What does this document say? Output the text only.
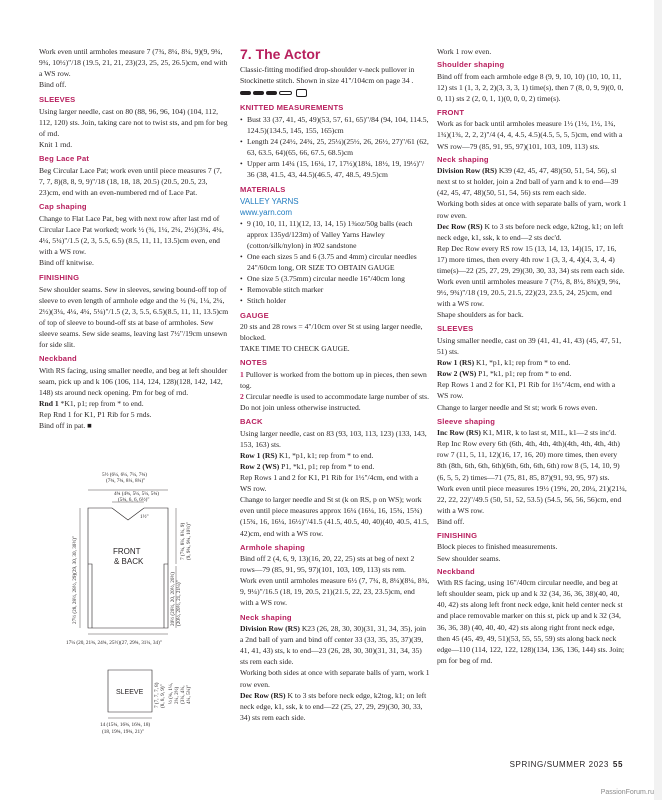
Work even until armholes measure 7 (7¾, 8¼, 8¼, 9)(9, 9¾, 9¾, 10½)"/18 (19.5, 21, 21, 23)(23, 25, 25, 26.5)cm, end with a WS row.

Bind off.

SLEEVES

Using larger needle, cast on 80 (88, 96, 96, 104) (104, 112, 112, 120) sts. Join, taking care not to twist sts, and pm for beg of rnd.

Knit 1 rnd.

Beg Lace Pat

Beg Circular Lace Pat; work even until piece measures 7 (7, 7, 7, 8)(8, 8, 9, 9)"/18 (18, 18, 18, 20.5) (20.5, 20.5, 23, 23)cm, end with an even-numbered rnd of Lace Pat.

Cap shaping

Change to Flat Lace Pat, beg with next row after last rnd of Circular Lace Pat worked; work ½ (¾, 1¼, 2¼, 2½)(3¼, 4¼, 4¼, 5¼)"/1.5 (2, 3, 5.5, 6.5) (8.5, 11, 11, 13.5)cm even, end with a WS row.

Bind off knitwise.

FINISHING

Sew shoulder seams. Sew in sleeves, sewing bound-off top of sleeve to even length of armhole edge and the ½ (¾, 1¼, 2¼, 2½)(3¼, 4¼, 4¼, 5¼)"/1.5 (2, 3, 5.5, 6.5)(8.5, 11, 11, 13.5)cm of top of sleeve to bound-off sts at base of armholes. Sew sleeve seams. Sew side seams, leaving last 7½"/19cm unsewn for side slit.

Neckband

With RS facing, using smaller needle, and beg at left shoulder seam, pick up and k 106 (106, 114, 124, 128)(128, 142, 142, 148) sts around neck opening. Pm for beg of rnd.

Rnd 1 *K1, p1; rep from * to end.

Rep Rnd 1 for K1, P1 Rib for 5 rnds.

Bind off in pat. ■

5½ (6¼, 6¼, 7¼, 7¾)
(7¾, 7¾, 8¼, 8¼)"
4¾ (4¾, 5¼, 5¼, 5¾)
(5¾, 6, 6, 6½)"
1½"
FRONT
& BACK
27½ (28, 28½, 28½, 29)(29, 30, 30, 30½)"	7 (7¾, 8¼, 8¼, 9) (9, 9¾, 9¾, 10½)"
20½ (20½, 20, 20½, 20½) (20½, 20½, 21, 21¼)"
17¼ (20, 21¾, 24¾, 25½)(27, 29¾, 31¼, 34)"
SLEEVE 7 (7, 7, 7, 8) (8, 8, 9, 9)" ½ (¾, 1¼, 2¼, 2½) (3¼, 4¼, 4¼, 5¼)"
14 (15¾, 16¾, 16¾, 18)
(18, 19¾, 19¾, 21)"
7. The Actor

Classic-fitting modified drop-shoulder v-neck pullover in Stockinette stitch. Shown in size 41"/104cm on page 34 .

KNITTED MEASUREMENTS
• Bust 33 (37, 41, 45, 49)(53, 57, 61, 65)"/84 (94, 104, 114.5, 124.5)(134.5, 145, 155, 165)cm
• Length 24 (24½, 24¾, 25, 25¼)(25½, 26, 26½, 27)"/61 (62, 63, 63.5, 64)(65, 66, 67.5, 68.5)cm
• Upper arm 14¼ (15, 16¼, 17, 17½)(18¼, 18½, 19, 19½)"/ 36 (38, 41.5, 43, 44.5)(46.5, 47, 48.5, 49.5)cm
MATERIALS
VALLEY YARNS
www.yarn.com
• 9 (10, 10, 11, 11)(12, 13, 14, 15) 1¾oz/50g balls (each approx 135yd/123m) of Valley Yarns Hawley (cotton/silk/nylon) in #02 sandstone
• One each sizes 5 and 6 (3.75 and 4mm) circular needles 24"/60cm long, OR SIZE TO OBTAIN GAUGE
• One size 5 (3.75mm) circular needle 16"/40cm long
• Removable stitch marker
• Stitch holder
GAUGE

20 sts and 28 rows = 4"/10cm over St st using larger needle, blocked.

TAKE TIME TO CHECK GAUGE.

NOTES

1 Pullover is worked from the bottom up in pieces, then sewn tog.

2 Circular needle is used to accommodate large number of sts. Do not join unless otherwise instructed.

BACK

Using larger needle, cast on 83 (93, 103, 113, 123) (133, 143, 153, 163) sts.

Row 1 (RS) K1, *p1, k1; rep from * to end.

Row 2 (WS) P1, *k1, p1; rep from * to end.

Rep Rows 1 and 2 for K1, P1 Rib for 1½"/4cm, end with a WS row.

Change to larger needle and St st (k on RS, p on WS); work even until piece measures approx 16¼ (16¼, 16, 15¾, 15¾)(15¾, 16, 16¼, 16½)"/41.5 (41.5, 40.5, 40, 40)(40, 40.5, 41.5, 42)cm, end with a WS row.

Armhole shaping

Bind off 2 (4, 6, 9, 13)(16, 20, 22, 25) sts at beg of next 2 rows—79 (85, 91, 95, 97)(101, 103, 109, 113) sts rem.

Work even until armholes measure 6½ (7, 7¾, 8, 8¼)(8¼, 8¾, 9, 9¼)"/16.5 (18, 19, 20.5, 21)(21.5, 22, 23, 23.5)cm, end with a WS row.

Neck shaping

Division Row (RS) K23 (26, 28, 30, 30)(31, 31, 34, 35), join a 2nd ball of yarn and bind off center 33 (33, 35, 35, 37)(39, 41, 41, 43) sts, k to end—23 (26, 28, 30, 30)(31, 31, 34, 35) sts rem each side.

Working both sides at once with separate balls of yarn, work 1 row even.

Dec Row (RS) K to 3 sts before neck edge, k2tog, k1; on left neck edge, k1, ssk, k to end—22 (25, 27, 29, 29)(30, 30, 33, 34) sts rem each side.

Work 1 row even.

Shoulder shaping

Bind off from each armhole edge 8 (9, 9, 10, 10) (10, 10, 11, 12) sts 1 (1, 3, 2, 2)(3, 3, 3, 1) time(s), then 7 (8, 0, 9, 9)(0, 0, 0, 11) sts 2 (2, 0, 1, 1)(0, 0, 0, 2) time(s).

FRONT

Work as for back until armholes measure 1½ (1½, 1½, 1¾, 1¾)(1¾, 2, 2, 2)"/4 (4, 4, 4.5, 4.5)(4.5, 5, 5, 5)cm, end with a WS row—79 (85, 91, 95, 97)(101, 103, 109, 113) sts.

Neck shaping

Division Row (RS) K39 (42, 45, 47, 48)(50, 51, 54, 56), sl next st to st holder, join a 2nd ball of yarn and k to end—39 (42, 45, 47, 48)(50, 51, 54, 56) sts rem each side.

Working both sides at once with separate balls of yarn, work 1 row even.

Dec Row (RS) K to 3 sts before neck edge, k2tog, k1; on left neck edge, k1, ssk, k to end—2 sts dec'd.

Rep Dec Row every RS row 15 (13, 14, 13, 14)(15, 17, 16, 17) more times, then every 4th row 1 (3, 3, 4, 4)(4, 3, 4, 4) time(s)—22 (25, 27, 29, 29)(30, 30, 33, 34) sts rem each side.

Work even until armholes measure 7 (7½, 8, 8½, 8¾)(9, 9¼, 9½, 9¾)"/18 (19, 20.5, 21.5, 22)(23, 23.5, 24, 25)cm, end with a WS row.

Shape shoulders as for back.

SLEEVES

Using smaller needle, cast on 39 (41, 41, 41, 43) (45, 47, 51, 51) sts.

Row 1 (RS) K1, *p1, k1; rep from * to end.

Row 2 (WS) P1, *k1, p1; rep from * to end.

Rep Rows 1 and 2 for K1, P1 Rib for 1½"/4cm, end with a WS row.

Change to larger needle and St st; work 6 rows even.

Sleeve shaping

Inc Row (RS) K1, M1R, k to last st, M1L, k1—2 sts inc'd.

Rep Inc Row every 6th (6th, 4th, 4th, 4th)(4th, 4th, 4th, 4th) row 7 (11, 5, 11, 12)(16, 17, 16, 20) more times, then every 8th (8th, 6th, 6th, 6th)(6th, 6th, 6th, 6th) row 8 (5, 14, 10, 9)(6, 5, 5, 2) times—71 (75, 81, 85, 87)(91, 93, 95, 97) sts.

Work even until piece measures 19½ (19¾, 20, 20¼, 21)(21¼, 22, 22, 22)"/49.5 (50, 51, 52, 53.5) (54.5, 56, 56, 56)cm, end with a WS row.

Bind off.

FINISHING

Block pieces to finished measurements.

Sew shoulder seams.

Neckband

With RS facing, using 16"/40cm circular needle, and beg at left shoulder seam, pick up and k 32 (34, 36, 36, 38)(40, 40, 40, 42) sts along left front neck edge, knit held center neck st and place removable marker on this st, pick up and k 32 (34, 36, 36, 38) (40, 40, 40, 42) sts along right front neck edge, then 45 (45, 49, 49, 51)(53, 55, 55, 59) sts along back neck edge—110 (114, 122, 122, 128)(134, 136, 136, 144) sts. Join; pm for beg of rnd.

SPRING/SUMMER 2023 55
PassionForum.ru
